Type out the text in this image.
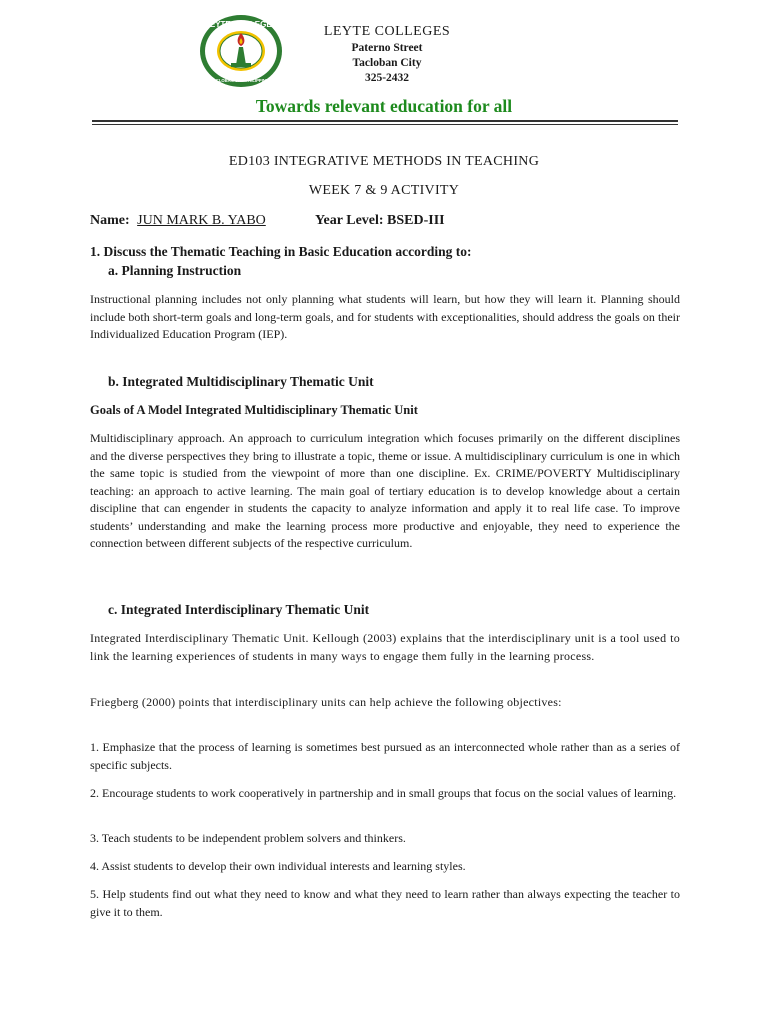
LEYTE COLLEGES
TACLOBAN CITY PHILIPPINES
LEYTE COLLEGES
Paterno Street
Tacloban City
325-2432
Towards relevant education for all
ED103 INTEGRATIVE METHODS IN TEACHING
WEEK 7 & 9 ACTIVITY
Name: JUN MARK B. YABO	Year Level: BSED-III
1. Discuss the Thematic Teaching in Basic Education according to:
a. Planning Instruction
Instructional planning includes not only planning what students will learn, but how they will learn it. Planning should include both short-term goals and long-term goals, and for students with exceptionalities, should address the goals on their Individualized Education Program (IEP).
b. Integrated Multidisciplinary Thematic Unit
Goals of A Model Integrated Multidisciplinary Thematic Unit
Multidisciplinary approach. An approach to curriculum integration which focuses primarily on the different disciplines and the diverse perspectives they bring to illustrate a topic, theme or issue. A multidisciplinary curriculum is one in which the same topic is studied from the viewpoint of more than one discipline. Ex. CRIME/POVERTY Multidisciplinary teaching: an approach to active learning. The main goal of tertiary education is to develop knowledge about a certain discipline that can engender in students the capacity to analyze information and apply it to real life case. To improve students’ understanding and make the learning process more productive and enjoyable, they need to experience the connection between different subjects of the respective curriculum.
c. Integrated Interdisciplinary Thematic Unit
Integrated Interdisciplinary Thematic Unit. Kellough (2003) explains that the interdisciplinary unit is a tool used to link the learning experiences of students in many ways to engage them fully in the learning process.
Friegberg (2000) points that interdisciplinary units can help achieve the following objectives:
1. Emphasize that the process of learning is sometimes best pursued as an interconnected whole rather than as a series of specific subjects.
2. Encourage students to work cooperatively in partnership and in small groups that focus on the social values of learning.
3. Teach students to be independent problem solvers and thinkers.
4. Assist students to develop their own individual interests and learning styles.
5. Help students find out what they need to know and what they need to learn rather than always expecting the teacher to give it to them.
